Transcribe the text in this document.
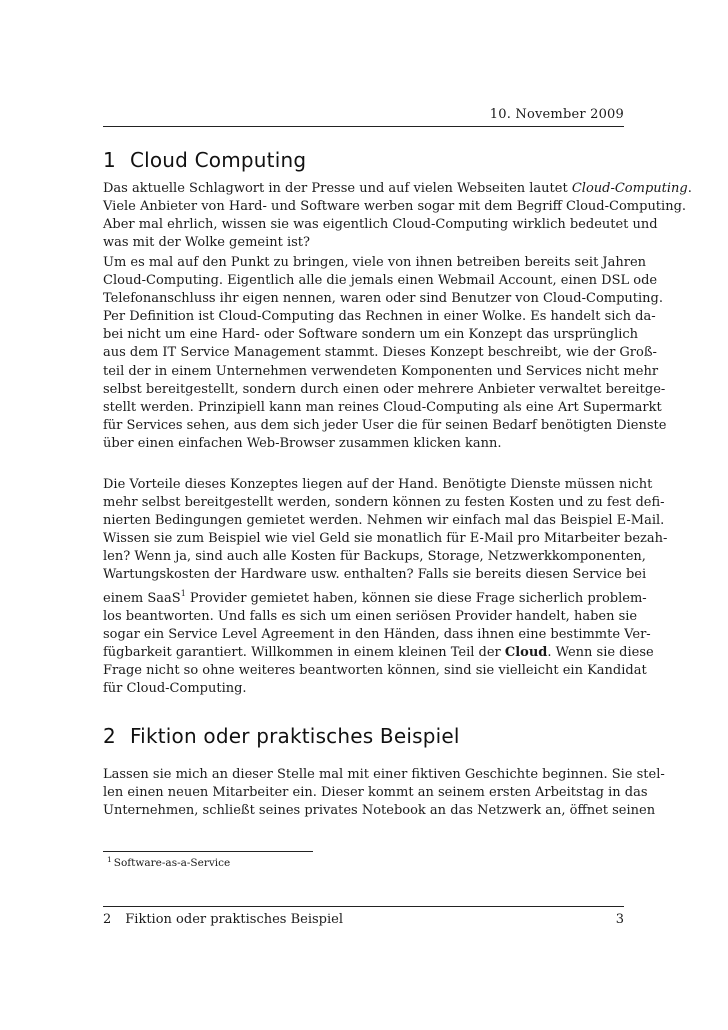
10. November 2009
1 Cloud Computing
Das aktuelle Schlagwort in der Presse und auf vielen Webseiten lautet Cloud-Computing.
Viele Anbieter von Hard- und Software werben sogar mit dem Begriff Cloud-Computing.
Aber mal ehrlich, wissen sie was eigentlich Cloud-Computing wirklich bedeutet und
was mit der Wolke gemeint ist?
Um es mal auf den Punkt zu bringen, viele von ihnen betreiben bereits seit Jahren
Cloud-Computing. Eigentlich alle die jemals einen Webmail Account, einen DSL ode
Telefonanschluss ihr eigen nennen, waren oder sind Benutzer von Cloud-Computing.
Per Definition ist Cloud-Computing das Rechnen in einer Wolke. Es handelt sich da-
bei nicht um eine Hard- oder Software sondern um ein Konzept das ursprünglich
aus dem IT Service Management stammt. Dieses Konzept beschreibt, wie der Groß-
teil der in einem Unternehmen verwendeten Komponenten und Services nicht mehr
selbst bereitgestellt, sondern durch einen oder mehrere Anbieter verwaltet bereitge-
stellt werden. Prinzipiell kann man reines Cloud-Computing als eine Art Supermarkt
für Services sehen, aus dem sich jeder User die für seinen Bedarf benötigten Dienste
über einen einfachen Web-Browser zusammen klicken kann.
Die Vorteile dieses Konzeptes liegen auf der Hand. Benötigte Dienste müssen nicht
mehr selbst bereitgestellt werden, sondern können zu festen Kosten und zu fest defi-
nierten Bedingungen gemietet werden. Nehmen wir einfach mal das Beispiel E-Mail.
Wissen sie zum Beispiel wie viel Geld sie monatlich für E-Mail pro Mitarbeiter bezah-
len? Wenn ja, sind auch alle Kosten für Backups, Storage, Netzwerkkomponenten,
Wartungskosten der Hardware usw. enthalten? Falls sie bereits diesen Service bei
einem SaaS$^1$ Provider gemietet haben, können sie diese Frage sicherlich problem-
los beantworten. Und falls es sich um einen seriösen Provider handelt, haben sie
sogar ein Service Level Agreement in den Händen, dass ihnen eine bestimmte Ver-
fügbarkeit garantiert. Willkommen in einem kleinen Teil der Cloud. Wenn sie diese
Frage nicht so ohne weiteres beantworten können, sind sie vielleicht ein Kandidat
für Cloud-Computing.
2 Fiktion oder praktisches Beispiel
Lassen sie mich an dieser Stelle mal mit einer fiktiven Geschichte beginnen. Sie stel-
len einen neuen Mitarbeiter ein. Dieser kommt an seinem ersten Arbeitstag in das
Unternehmen, schließt seines privates Notebook an das Netzwerk an, öffnet seinen
$^1$ Software-as-a-Service
2 Fiktion oder praktisches Beispiel	3
